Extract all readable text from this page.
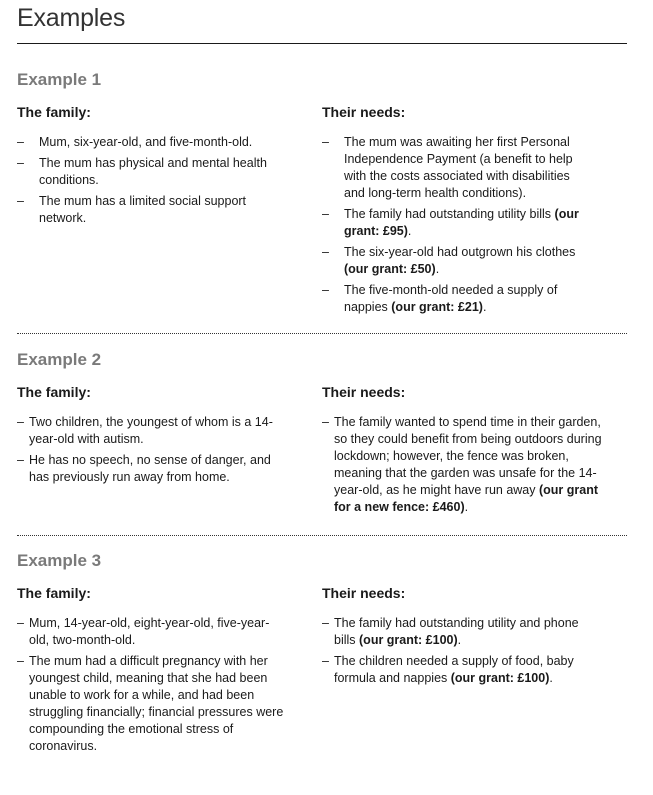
Examples
Example 1
The family:
– Mum, six-year-old, and five-month-old.
– The mum has physical and mental health conditions.
– The mum has a limited social support network.
Their needs:
– The mum was awaiting her first Personal Independence Payment (a benefit to help with the costs associated with disabilities and long-term health conditions).
– The family had outstanding utility bills (our grant: £95).
– The six-year-old had outgrown his clothes (our grant: £50).
– The five-month-old needed a supply of nappies (our grant: £21).
Example 2
The family:
– Two children, the youngest of whom is a 14-year-old with autism.
– He has no speech, no sense of danger, and has previously run away from home.
Their needs:
– The family wanted to spend time in their garden, so they could benefit from being outdoors during lockdown; however, the fence was broken, meaning that the garden was unsafe for the 14-year-old, as he might have run away (our grant for a new fence: £460).
Example 3
The family:
– Mum, 14-year-old, eight-year-old, five-year-old, two-month-old.
– The mum had a difficult pregnancy with her youngest child, meaning that she had been unable to work for a while, and had been struggling financially; financial pressures were compounding the emotional stress of coronavirus.
Their needs:
– The family had outstanding utility and phone bills (our grant: £100).
– The children needed a supply of food, baby formula and nappies (our grant: £100).
